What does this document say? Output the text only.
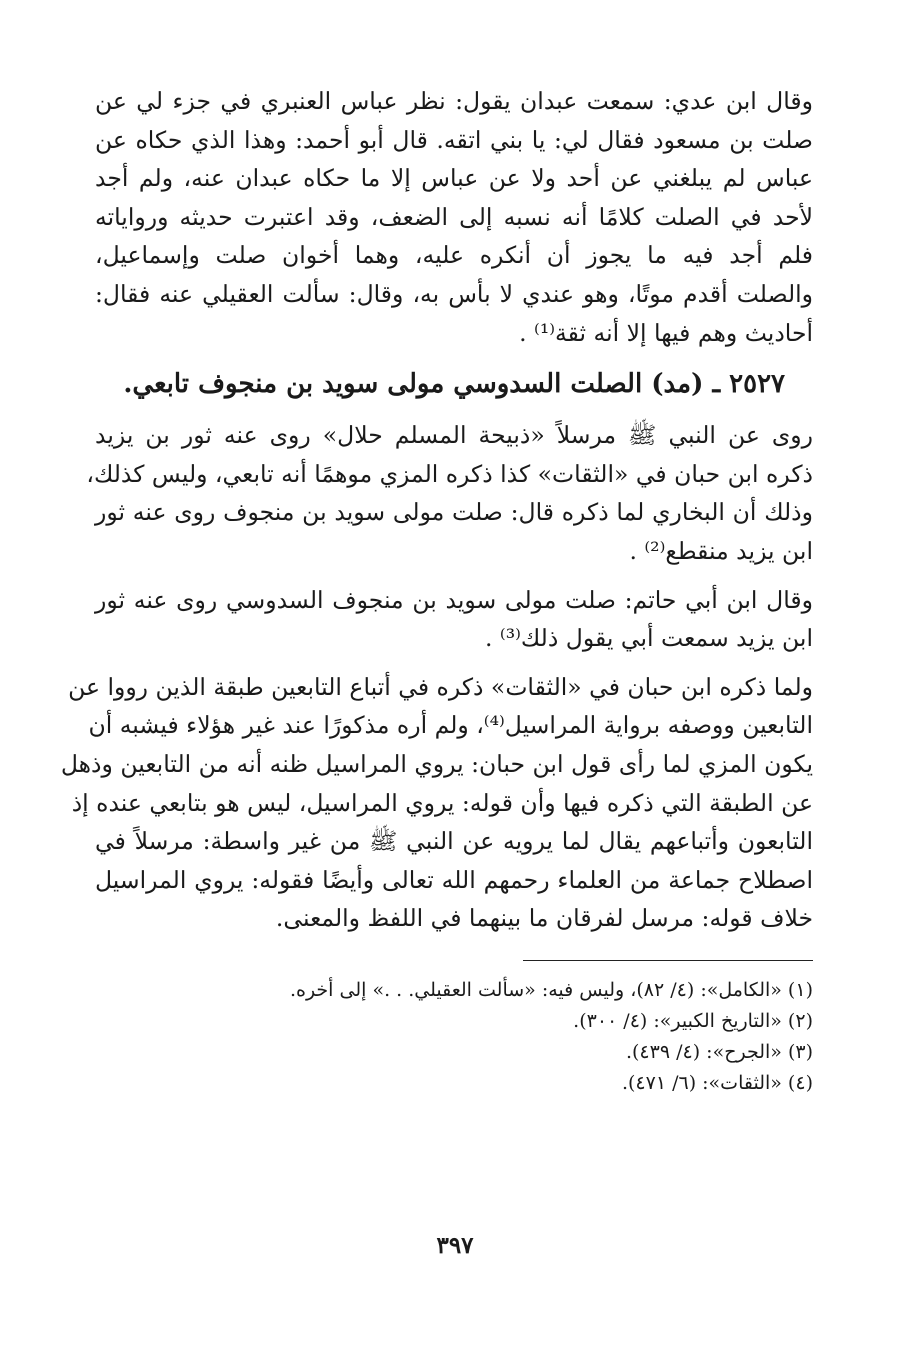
وقال ابن عدي: سمعت عبدان يقول: نظر عباس العنبري في جزء لي عن
صلت بن مسعود فقال لي: يا بني اتقه. قال أبو أحمد: وهذا الذي حكاه عن
عباس لم يبلغني عن أحد ولا عن عباس إلا ما حكاه عبدان عنه، ولم أجد
لأحد في الصلت كلامًا أنه نسبه إلى الضعف، وقد اعتبرت حديثه ورواياته
فلم أجد فيه ما يجوز أن أنكره عليه، وهما أخوان صلت وإسماعيل،
والصلت أقدم موتًا، وهو عندي لا بأس به، وقال: سألت العقيلي عنه فقال:
أحاديث وهم فيها إلا أنه ثقة⁽¹⁾ .
٢٥٢٧ ـ (مد) الصلت السدوسي مولى سويد بن منجوف تابعي.
روى عن النبي ﷺ مرسلاً «ذبيحة المسلم حلال» روى عنه ثور بن يزيد
ذكره ابن حبان في «الثقات» كذا ذكره المزي موهمًا أنه تابعي، وليس كذلك،
وذلك أن البخاري لما ذكره قال: صلت مولى سويد بن منجوف روى عنه ثور
ابن يزيد منقطع⁽²⁾ .
وقال ابن أبي حاتم: صلت مولى سويد بن منجوف السدوسي روى عنه ثور
ابن يزيد سمعت أبي يقول ذلك⁽³⁾ .
ولما ذكره ابن حبان في «الثقات» ذكره في أتباع التابعين طبقة الذين رووا عن
التابعين ووصفه برواية المراسيل⁽⁴⁾، ولم أره مذكورًا عند غير هؤلاء فيشبه أن
يكون المزي لما رأى قول ابن حبان: يروي المراسيل ظنه أنه من التابعين وذهل
عن الطبقة التي ذكره فيها وأن قوله: يروي المراسيل، ليس هو بتابعي عنده إذ
التابعون وأتباعهم يقال لما يرويه عن النبي ﷺ من غير واسطة: مرسلاً في
اصطلاح جماعة من العلماء رحمهم الله تعالى وأيضًا فقوله: يروي المراسيل
خلاف قوله: مرسل لفرقان ما بينهما في اللفظ والمعنى.
(١) «الكامل»: (٤/ ٨٢)، وليس فيه: «سألت العقيلي. . .» إلى أخره.
(٢) «التاريخ الكبير»: (٤/ ٣٠٠).
(٣) «الجرح»: (٤/ ٤٣٩).
(٤) «الثقات»: (٦/ ٤٧١).
٣٩٧
